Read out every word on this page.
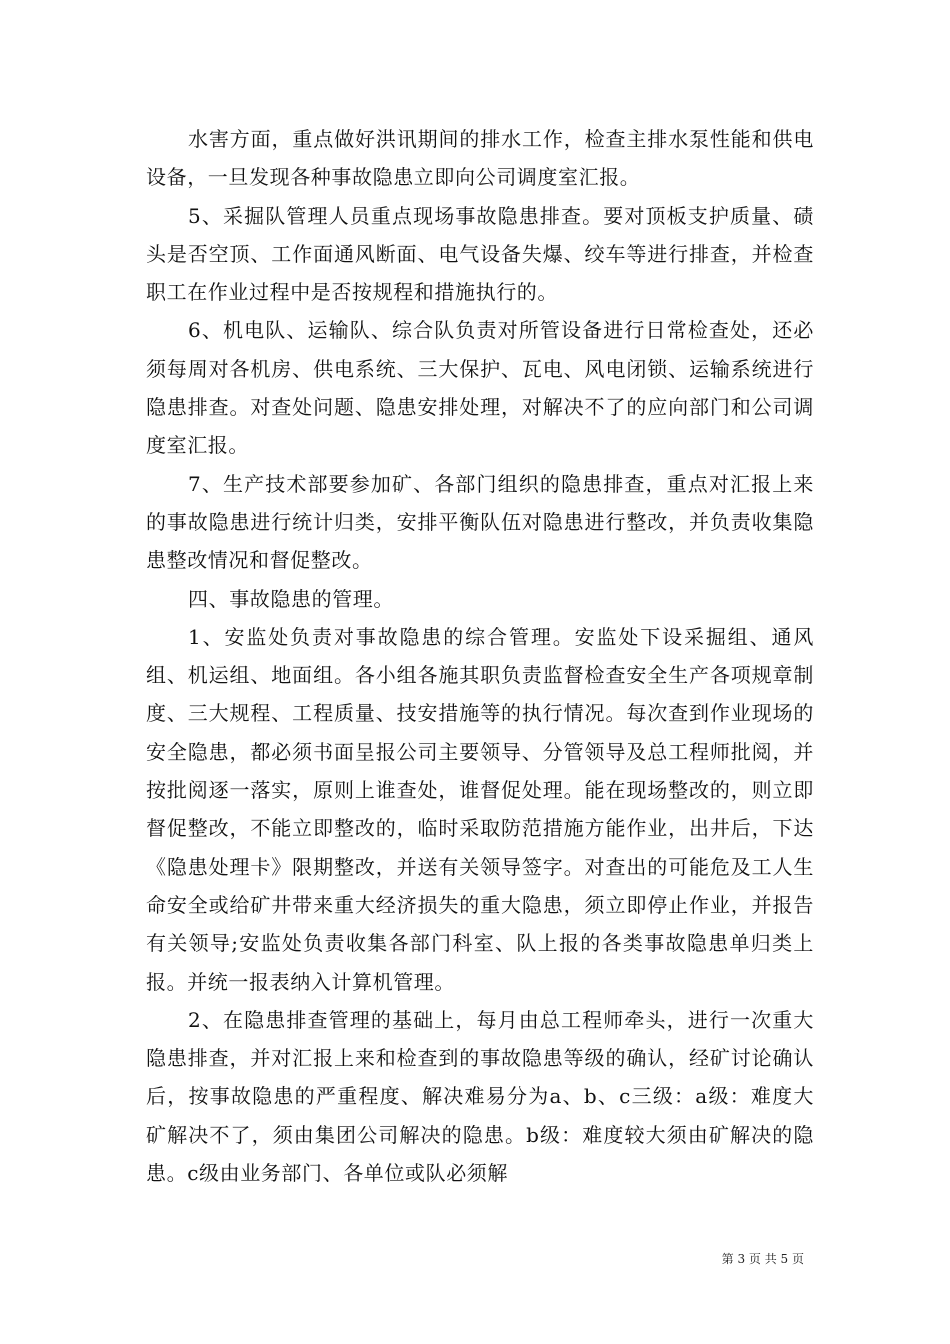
水害方面，重点做好洪讯期间的排水工作，检查主排水泵性能和供电设备，一旦发现各种事故隐患立即向公司调度室汇报。

5、采掘队管理人员重点现场事故隐患排查。要对顶板支护质量、碛头是否空顶、工作面通风断面、电气设备失爆、绞车等进行排查，并检查职工在作业过程中是否按规程和措施执行的。

6、机电队、运输队、综合队负责对所管设备进行日常检查处，还必须每周对各机房、供电系统、三大保护、瓦电、风电闭锁、运输系统进行隐患排查。对查处问题、隐患安排处理，对解决不了的应向部门和公司调度室汇报。

7、生产技术部要参加矿、各部门组织的隐患排查，重点对汇报上来的事故隐患进行统计归类，安排平衡队伍对隐患进行整改，并负责收集隐患整改情况和督促整改。

四、事故隐患的管理。

1、安监处负责对事故隐患的综合管理。安监处下设采掘组、通风组、机运组、地面组。各小组各施其职负责监督检查安全生产各项规章制度、三大规程、工程质量、技安措施等的执行情况。每次查到作业现场的安全隐患，都必须书面呈报公司主要领导、分管领导及总工程师批阅，并按批阅逐一落实，原则上谁查处，谁督促处理。能在现场整改的，则立即督促整改，不能立即整改的，临时采取防范措施方能作业，出井后，下达《隐患处理卡》限期整改，并送有关领导签字。对查出的可能危及工人生命安全或给矿井带来重大经济损失的重大隐患，须立即停止作业，并报告有关领导;安监处负责收集各部门科室、队上报的各类事故隐患单归类上报。并统一报表纳入计算机管理。

2、在隐患排查管理的基础上，每月由总工程师牵头，进行一次重大隐患排查，并对汇报上来和检查到的事故隐患等级的确认，经矿讨论确认后，按事故隐患的严重程度、解决难易分为a、b、c三级：a级：难度大矿解决不了，须由集团公司解决的隐患。b级：难度较大须由矿解决的隐患。c级由业务部门、各单位或队必须解

第 3 页 共 5 页
